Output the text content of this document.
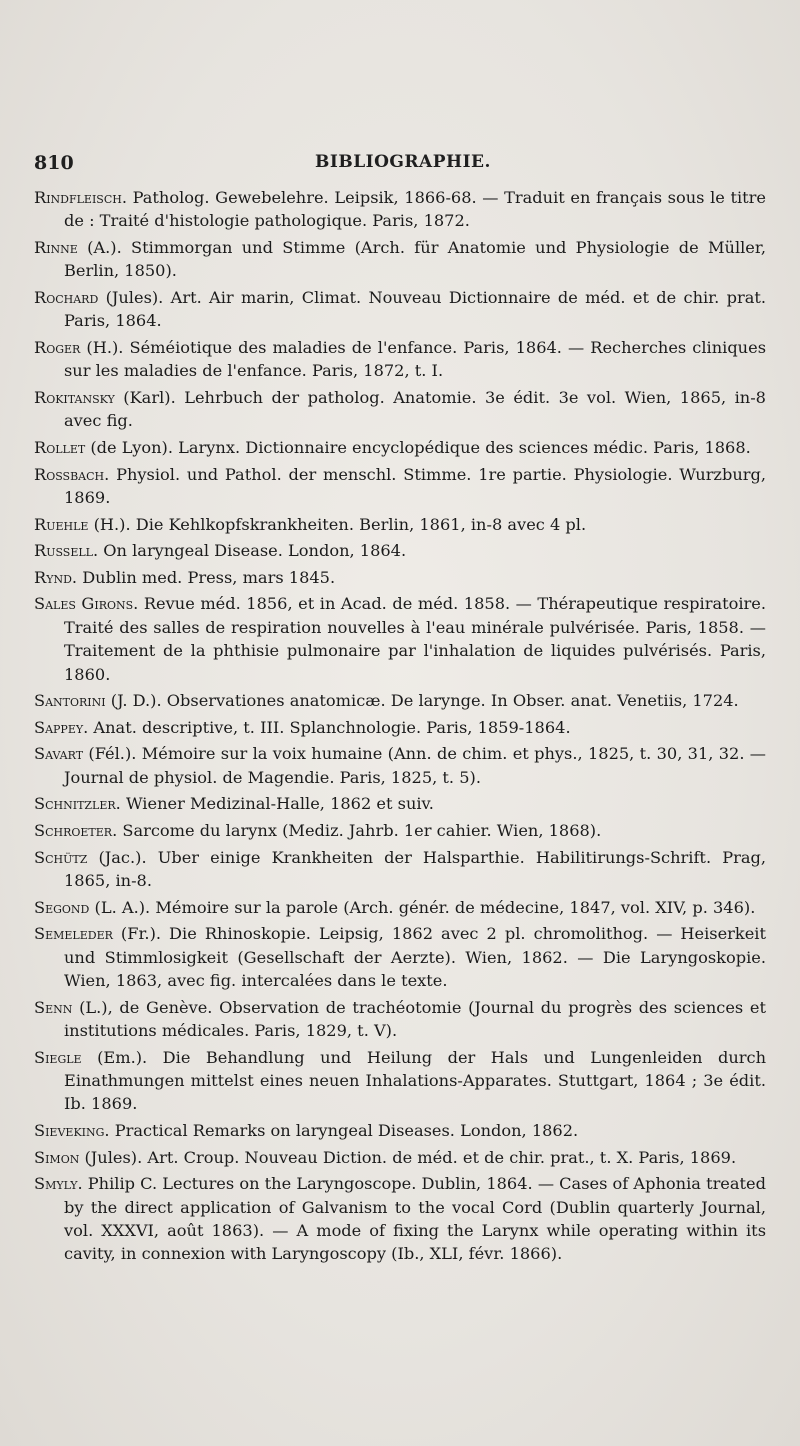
810	BIBLIOGRAPHIE.

Rindfleisch. Patholog. Gewebelehre. Leipsik, 1866-68. — Traduit en français sous le titre de : Traité d'histologie pathologique. Paris, 1872.

Rinne (A.). Stimmorgan und Stimme (Arch. für Anatomie und Physiologie de Müller, Berlin, 1850).

Rochard (Jules). Art. Air marin, Climat. Nouveau Dictionnaire de méd. et de chir. prat. Paris, 1864.

Roger (H.). Séméiotique des maladies de l'enfance. Paris, 1864. — Recherches cliniques sur les maladies de l'enfance. Paris, 1872, t. I.

Rokitansky (Karl). Lehrbuch der patholog. Anatomie. 3e édit. 3e vol. Wien, 1865, in-8 avec fig.

Rollet (de Lyon). Larynx. Dictionnaire encyclopédique des sciences médic. Paris, 1868.

Rossbach. Physiol. und Pathol. der menschl. Stimme. 1re partie. Physiologie. Wurzburg, 1869.

Ruehle (H.). Die Kehlkopfskrankheiten. Berlin, 1861, in-8 avec 4 pl.

Russell. On laryngeal Disease. London, 1864.

Rynd. Dublin med. Press, mars 1845.

Sales Girons. Revue méd. 1856, et in Acad. de méd. 1858. — Thérapeutique respiratoire. Traité des salles de respiration nouvelles à l'eau minérale pulvérisée. Paris, 1858. — Traitement de la phthisie pulmonaire par l'inhalation de liquides pulvérisés. Paris, 1860.

Santorini (J. D.). Observationes anatomicæ. De larynge. In Obser. anat. Venetiis, 1724.

Sappey. Anat. descriptive, t. III. Splanchnologie. Paris, 1859-1864.

Savart (Fél.). Mémoire sur la voix humaine (Ann. de chim. et phys., 1825, t. 30, 31, 32. — Journal de physiol. de Magendie. Paris, 1825, t. 5).

Schnitzler. Wiener Medizinal-Halle, 1862 et suiv.

Schroeter. Sarcome du larynx (Mediz. Jahrb. 1er cahier. Wien, 1868).

Schütz (Jac.). Uber einige Krankheiten der Halsparthie. Habilitirungs-Schrift. Prag, 1865, in-8.

Segond (L. A.). Mémoire sur la parole (Arch. génér. de médecine, 1847, vol. XIV, p. 346).

Semeleder (Fr.). Die Rhinoskopie. Leipsig, 1862 avec 2 pl. chromolithog. — Heiserkeit und Stimmlosigkeit (Gesellschaft der Aerzte). Wien, 1862. — Die Laryngoskopie. Wien, 1863, avec fig. intercalées dans le texte.

Senn (L.), de Genève. Observation de trachéotomie (Journal du progrès des sciences et institutions médicales. Paris, 1829, t. V).

Siegle (Em.). Die Behandlung und Heilung der Hals und Lungenleiden durch Einathmungen mittelst eines neuen Inhalations-Apparates. Stuttgart, 1864 ; 3e édit. Ib. 1869.

Sieveking. Practical Remarks on laryngeal Diseases. London, 1862.

Simon (Jules). Art. Croup. Nouveau Diction. de méd. et de chir. prat., t. X. Paris, 1869.

Smyly. Philip C. Lectures on the Laryngoscope. Dublin, 1864. — Cases of Aphonia treated by the direct application of Galvanism to the vocal Cord (Dublin quarterly Journal, vol. XXXVI, août 1863). — A mode of fixing the Larynx while operating within its cavity, in connexion with Laryngoscopy (Ib., XLI, févr. 1866).
